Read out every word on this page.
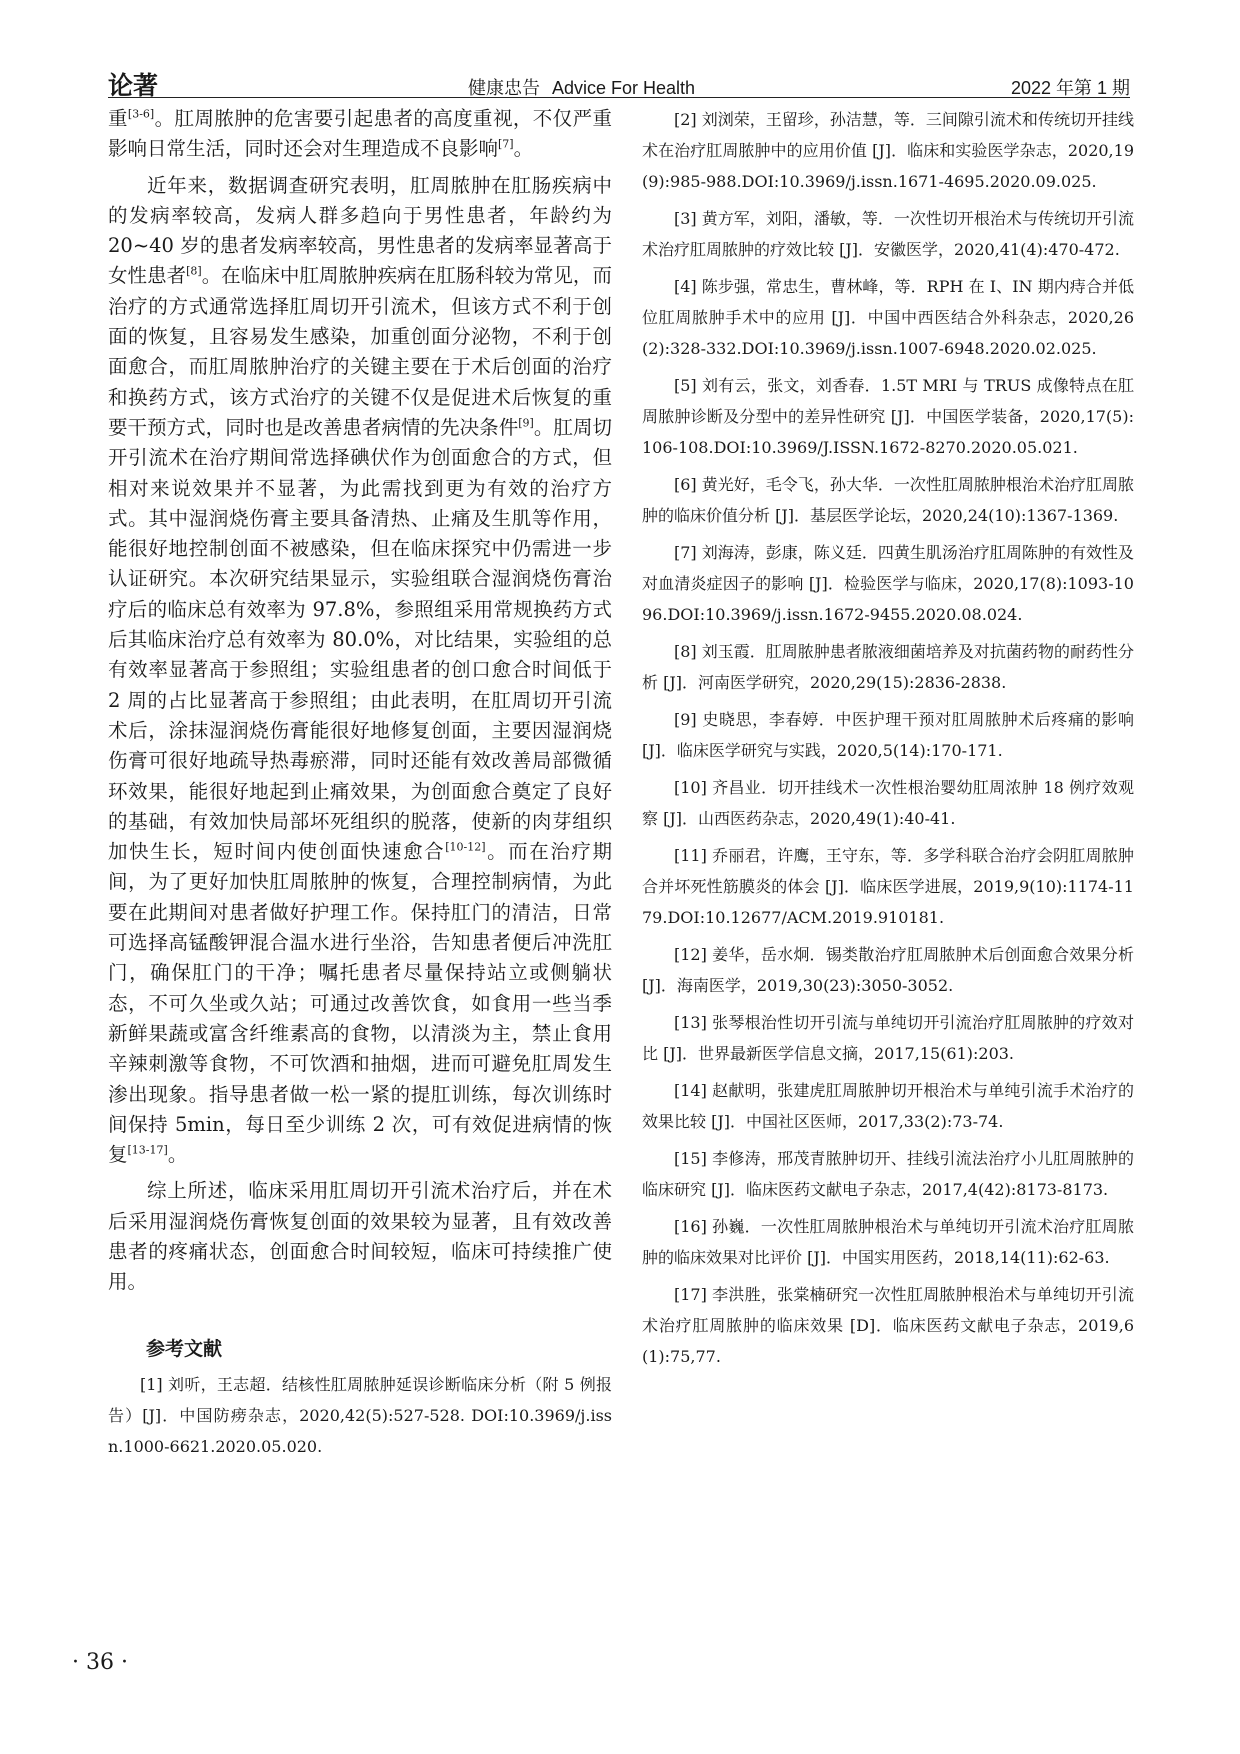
论著	健康忠告 Advice For Health	2022 年第 1 期

重[3-6]。肛周脓肿的危害要引起患者的高度重视，不仅严重影响日常生活，同时还会对生理造成不良影响[7]。

近年来，数据调查研究表明，肛周脓肿在肛肠疾病中的发病率较高，发病人群多趋向于男性患者，年龄约为 20~40 岁的患者发病率较高，男性患者的发病率显著高于女性患者[8]。在临床中肛周脓肿疾病在肛肠科较为常见，而治疗的方式通常选择肛周切开引流术，但该方式不利于创面的恢复，且容易发生感染，加重创面分泌物，不利于创面愈合，而肛周脓肿治疗的关键主要在于术后创面的治疗和换药方式，该方式治疗的关键不仅是促进术后恢复的重要干预方式，同时也是改善患者病情的先决条件[9]。肛周切开引流术在治疗期间常选择碘伏作为创面愈合的方式，但相对来说效果并不显著，为此需找到更为有效的治疗方式。其中湿润烧伤膏主要具备清热、止痛及生肌等作用，能很好地控制创面不被感染，但在临床探究中仍需进一步认证研究。本次研究结果显示，实验组联合湿润烧伤膏治疗后的临床总有效率为 97.8%，参照组采用常规换药方式后其临床治疗总有效率为 80.0%，对比结果，实验组的总有效率显著高于参照组；实验组患者的创口愈合时间低于 2 周的占比显著高于参照组；由此表明，在肛周切开引流术后，涂抹湿润烧伤膏能很好地修复创面，主要因湿润烧伤膏可很好地疏导热毒瘀滞，同时还能有效改善局部微循环效果，能很好地起到止痛效果，为创面愈合奠定了良好的基础，有效加快局部坏死组织的脱落，使新的肉芽组织加快生长，短时间内使创面快速愈合[10-12]。而在治疗期间，为了更好加快肛周脓肿的恢复，合理控制病情，为此要在此期间对患者做好护理工作。保持肛门的清洁，日常可选择高锰酸钾混合温水进行坐浴，告知患者便后冲洗肛门，确保肛门的干净；嘱托患者尽量保持站立或侧躺状态，不可久坐或久站；可通过改善饮食，如食用一些当季新鲜果蔬或富含纤维素高的食物，以清淡为主，禁止食用辛辣刺激等食物，不可饮酒和抽烟，进而可避免肛周发生渗出现象。指导患者做一松一紧的提肛训练，每次训练时间保持 5min，每日至少训练 2 次，可有效促进病情的恢复[13-17]。

综上所述，临床采用肛周切开引流术治疗后，并在术后采用湿润烧伤膏恢复创面的效果较为显著，且有效改善患者的疼痛状态，创面愈合时间较短，临床可持续推广使用。

参考文献

[1] 刘听，王志超．结核性肛周脓肿延误诊断临床分析（附 5 例报告）[J]．中国防痨杂志，2020,42(5):527-528. DOI:10.3969/j.issn.1000-6621.2020.05.020.

[2] 刘浏荣，王留珍，孙洁慧，等．三间隙引流术和传统切开挂线术在治疗肛周脓肿中的应用价值 [J]．临床和实验医学杂志，2020,19(9):985-988.DOI:10.3969/j.issn.1671-4695.2020.09.025.

[3] 黄方军，刘阳，潘敏，等．一次性切开根治术与传统切开引流术治疗肛周脓肿的疗效比较 [J]．安徽医学，2020,41(4):470-472.

[4] 陈步强，常忠生，曹林峰，等．RPH 在 I、IN 期内痔合并低位肛周脓肿手术中的应用 [J]．中国中西医结合外科杂志，2020,26(2):328-332.DOI:10.3969/j.issn.1007-6948.2020.02.025.

[5] 刘有云，张文，刘香春．1.5T MRI 与 TRUS 成像特点在肛周脓肿诊断及分型中的差异性研究 [J]．中国医学装备，2020,17(5):106-108.DOI:10.3969/J.ISSN.1672-8270.2020.05.021.

[6] 黄光好，毛令飞，孙大华．一次性肛周脓肿根治术治疗肛周脓肿的临床价值分析 [J]．基层医学论坛，2020,24(10):1367-1369.

[7] 刘海涛，彭康，陈义廷．四黄生肌汤治疗肛周陈肿的有效性及对血清炎症因子的影响 [J]．检验医学与临床，2020,17(8):1093-1096.DOI:10.3969/j.issn.1672-9455.2020.08.024.

[8] 刘玉霞．肛周脓肿患者脓液细菌培养及对抗菌药物的耐药性分析 [J]．河南医学研究，2020,29(15):2836-2838.

[9] 史晓思，李春婷．中医护理干预对肛周脓肿术后疼痛的影响 [J]．临床医学研究与实践，2020,5(14):170-171.

[10] 齐昌业．切开挂线术一次性根治婴幼肛周浓肿 18 例疗效观察 [J]．山西医药杂志，2020,49(1):40-41.

[11] 乔丽君，许鹰，王守东，等．多学科联合治疗会阴肛周脓肿合并坏死性筋膜炎的体会 [J]．临床医学进展，2019,9(10):1174-1179.DOI:10.12677/ACM.2019.910181.

[12] 姜华，岳水炯．锡类散治疗肛周脓肿术后创面愈合效果分析 [J]．海南医学，2019,30(23):3050-3052.

[13] 张琴根治性切开引流与单纯切开引流治疗肛周脓肿的疗效对比 [J]．世界最新医学信息文摘，2017,15(61):203.

[14] 赵献明，张建虎肛周脓肿切开根治术与单纯引流手术治疗的效果比较 [J]．中国社区医师，2017,33(2):73-74.

[15] 李修涛，邢茂青脓肿切开、挂线引流法治疗小儿肛周脓肿的临床研究 [J]．临床医药文献电子杂志，2017,4(42):8173-8173.

[16] 孙巍．一次性肛周脓肿根治术与单纯切开引流术治疗肛周脓肿的临床效果对比评价 [J]．中国实用医药，2018,14(11):62-63.

[17] 李洪胜，张棠楠研究一次性肛周脓肿根治术与单纯切开引流术治疗肛周脓肿的临床效果 [D]．临床医药文献电子杂志，2019,6(1):75,77.

· 36 ·
